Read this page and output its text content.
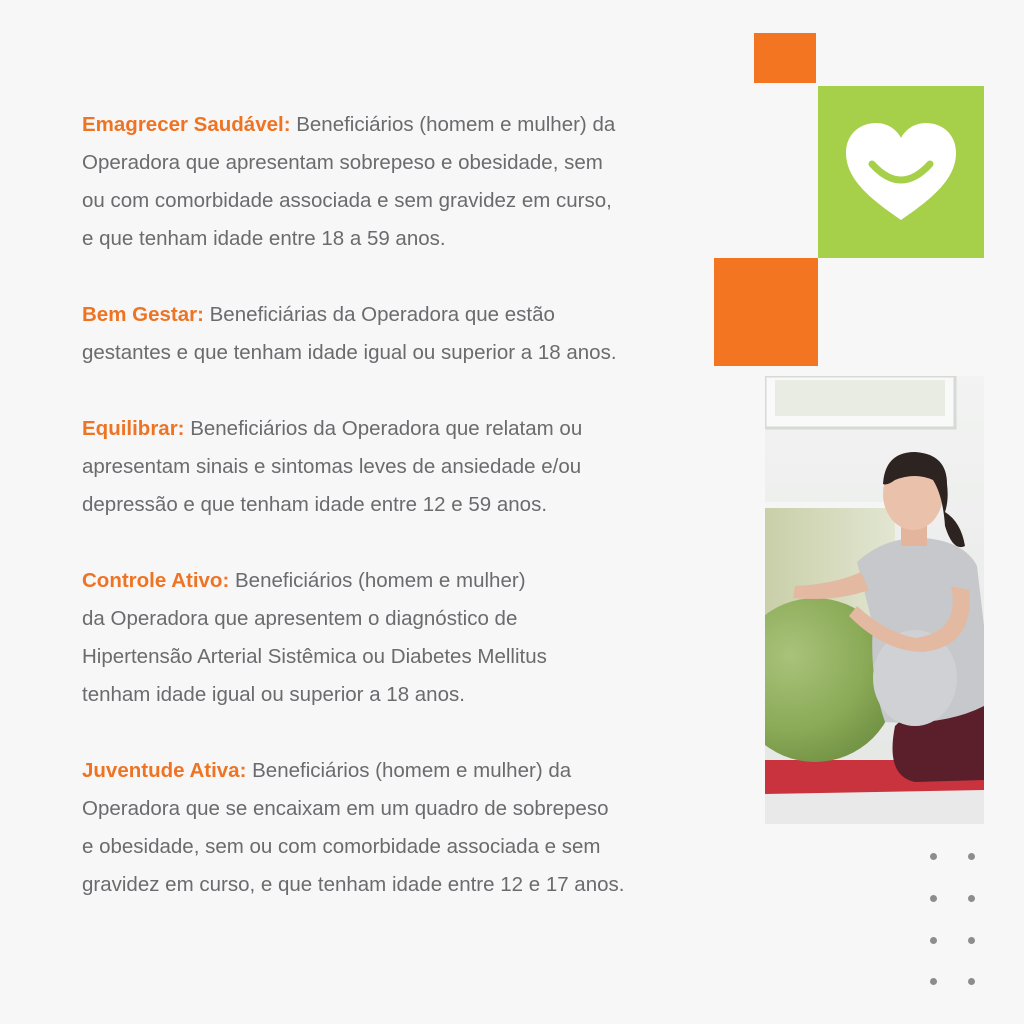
Emagrecer Saudável: Beneficiários (homem e mulher) da
Operadora que apresentam sobrepeso e obesidade, sem
ou com comorbidade associada e sem gravidez em curso,
e que tenham idade entre 18 a 59 anos.

Bem Gestar: Beneficiárias da Operadora que estão
gestantes e que tenham idade igual ou superior a 18 anos.

Equilibrar: Beneficiários da Operadora que relatam ou
apresentam sinais e sintomas leves de ansiedade e/ou
depressão e que tenham idade entre 12 e 59 anos.

Controle Ativo: Beneficiários (homem e mulher)
da Operadora que apresentem o diagnóstico de
Hipertensão Arterial Sistêmica ou Diabetes Mellitus
tenham idade igual ou superior a 18 anos.

Juventude Ativa: Beneficiários (homem e mulher) da
Operadora que se encaixam em um quadro de sobrepeso
e obesidade, sem ou com comorbidade associada e sem
gravidez em curso, e que tenham idade entre 12 e 17 anos.
